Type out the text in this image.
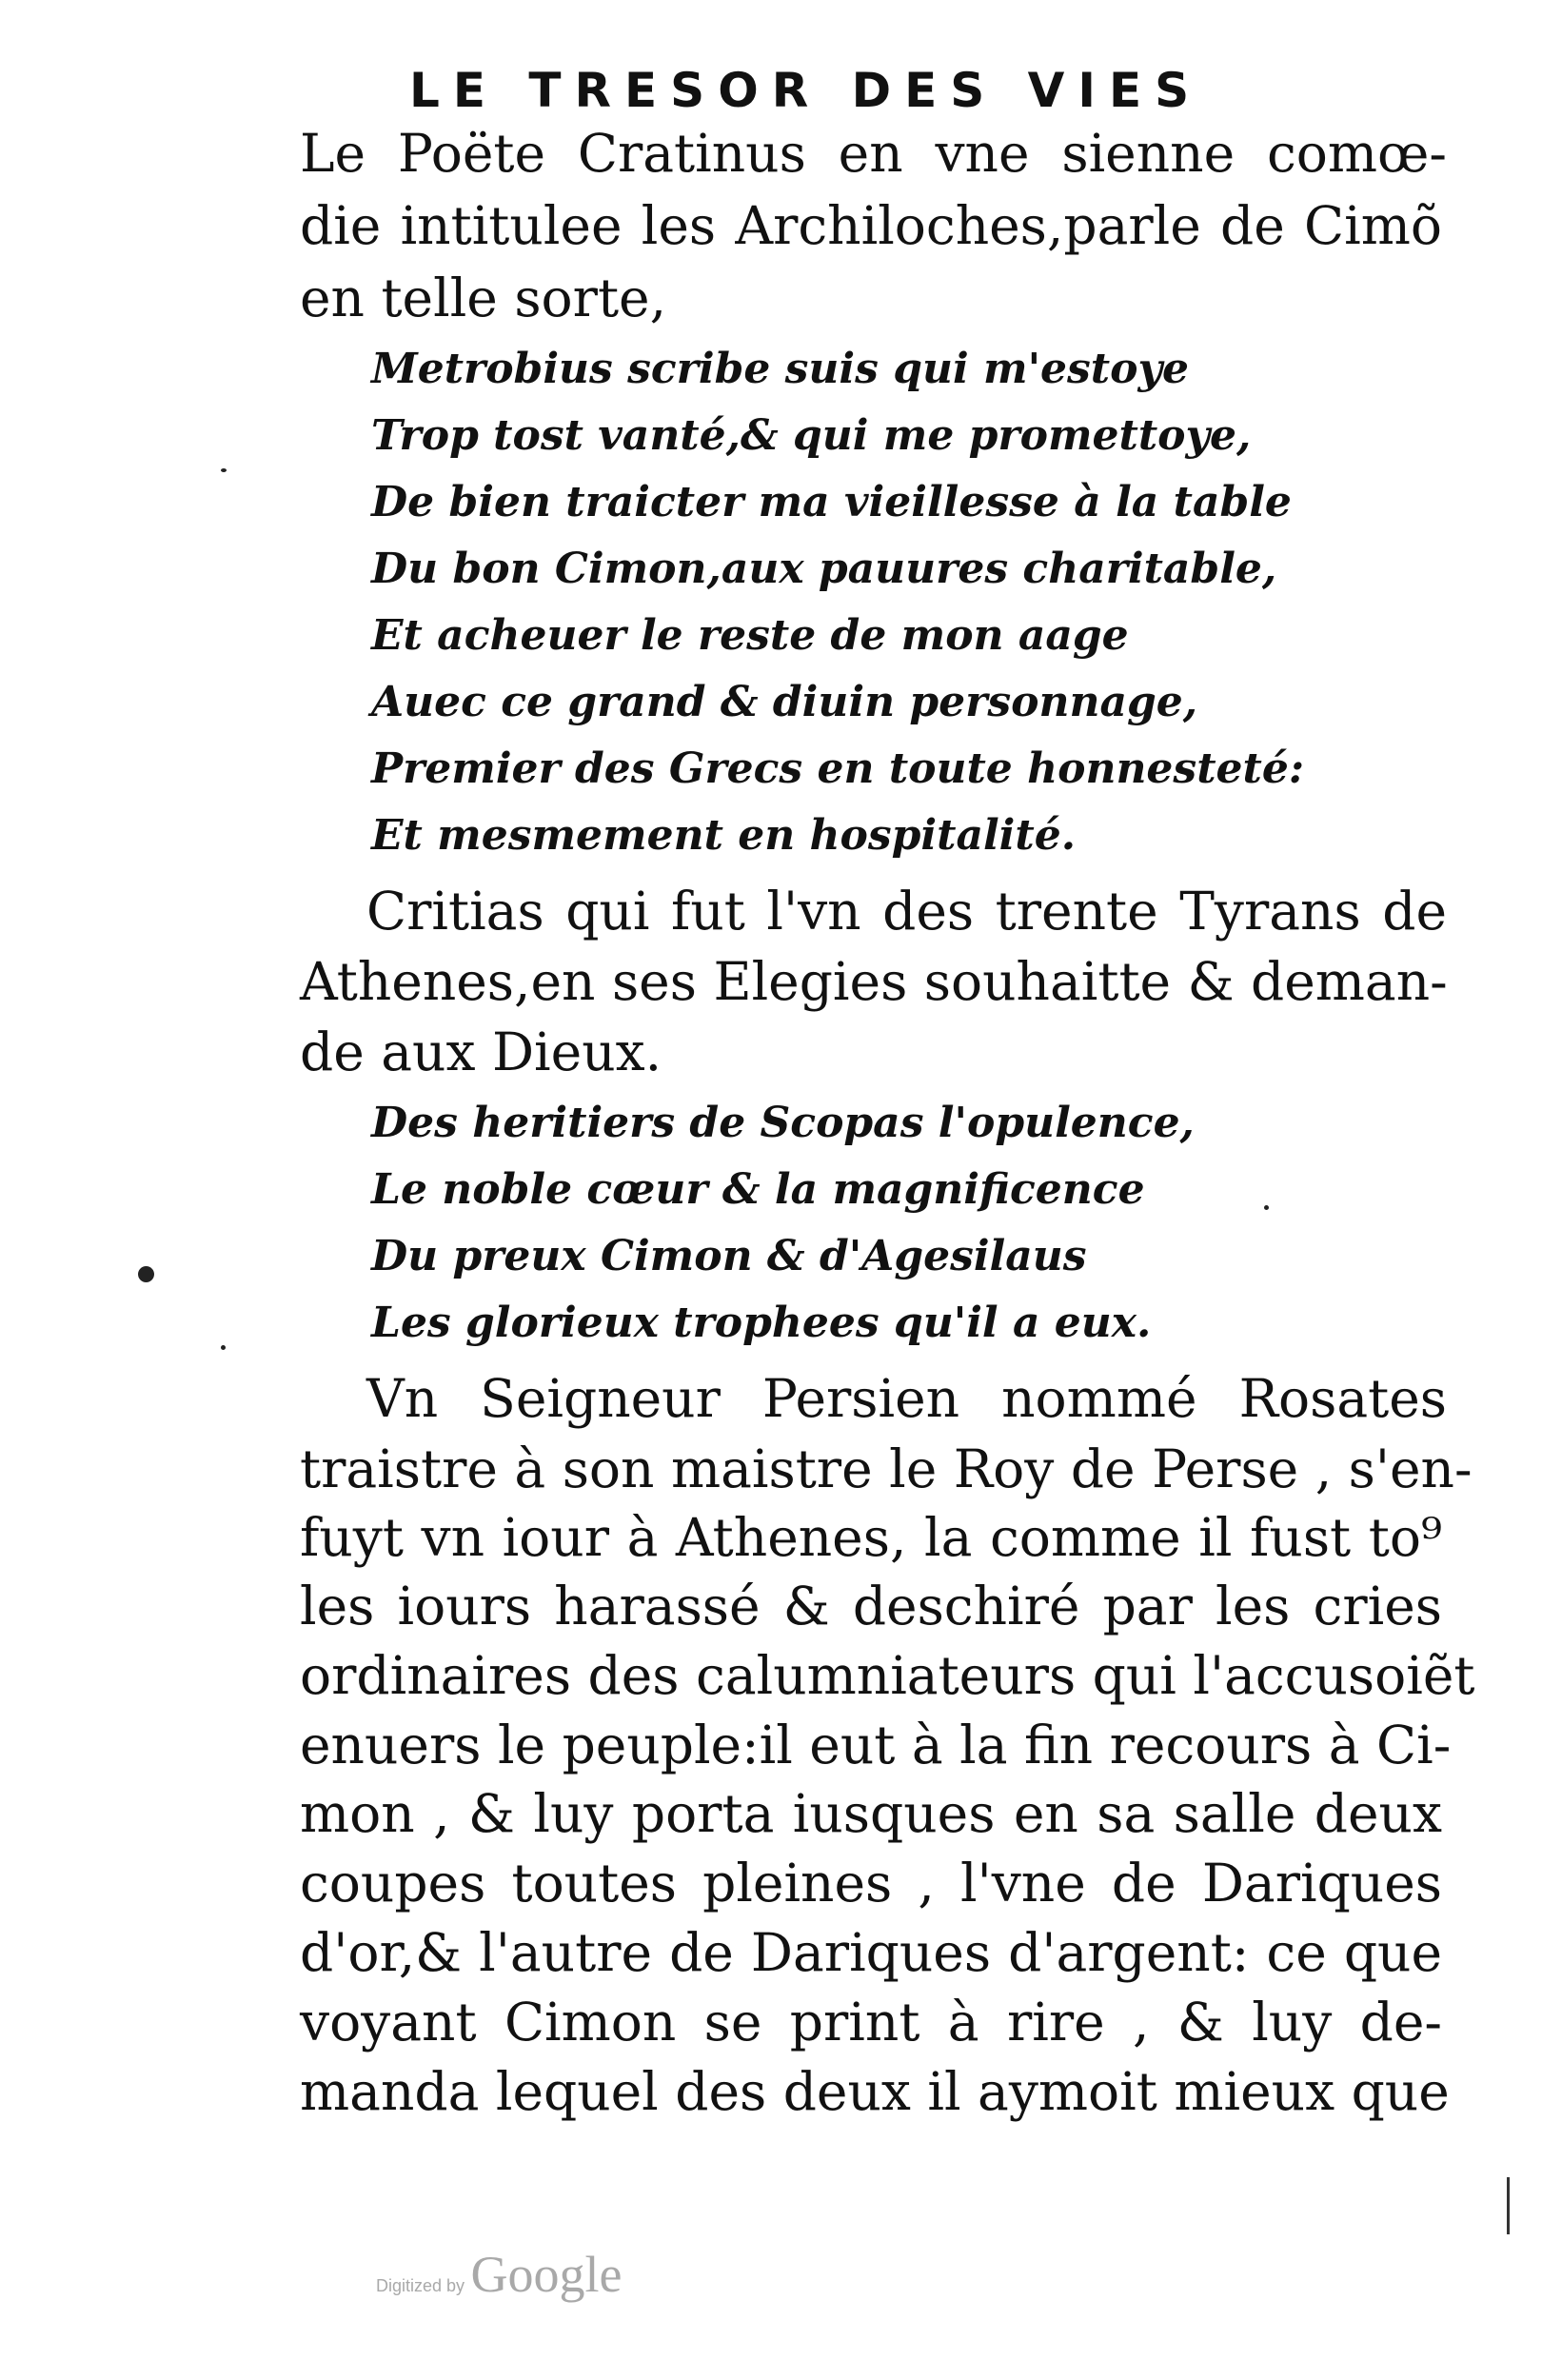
LE TRESOR DES VIES
Le Poëte Cratinus en vne sienne comœ-
die intitulee les Archiloches,parle de Cimõ
en telle sorte,
Metrobius scribe suis qui m'estoye
Trop tost vanté,& qui me promettoye,
De bien traicter ma vieillesse à la table
Du bon Cimon,aux pauures charitable,
Et acheuer le reste de mon aage
Auec ce grand & diuin personnage,
Premier des Grecs en toute honnesteté:
Et mesmement en hospitalité.
Critias qui fut l'vn des trente Tyrans de
Athenes,en ses Elegies souhaitte & deman-
de aux Dieux.
Des heritiers de Scopas l'opulence,
Le noble cœur & la magnificence
Du preux Cimon & d'Agesilaus
Les glorieux trophees qu'il a eux.
Vn Seigneur Persien nommé Rosates
traistre à son maistre le Roy de Perse , s'en-
fuyt vn iour à Athenes, la comme il fust to⁹
les iours harassé & deschiré par les cries
ordinaires des calumniateurs qui l'accusoiẽt
enuers le peuple:il eut à la fin recours à Ci-
mon , & luy porta iusques en sa salle deux
coupes toutes pleines , l'vne de Dariques
d'or,& l'autre de Dariques d'argent: ce que
voyant Cimon se print à rire , & luy de-
manda lequel des deux il aymoit mieux que
Digitized by Google
